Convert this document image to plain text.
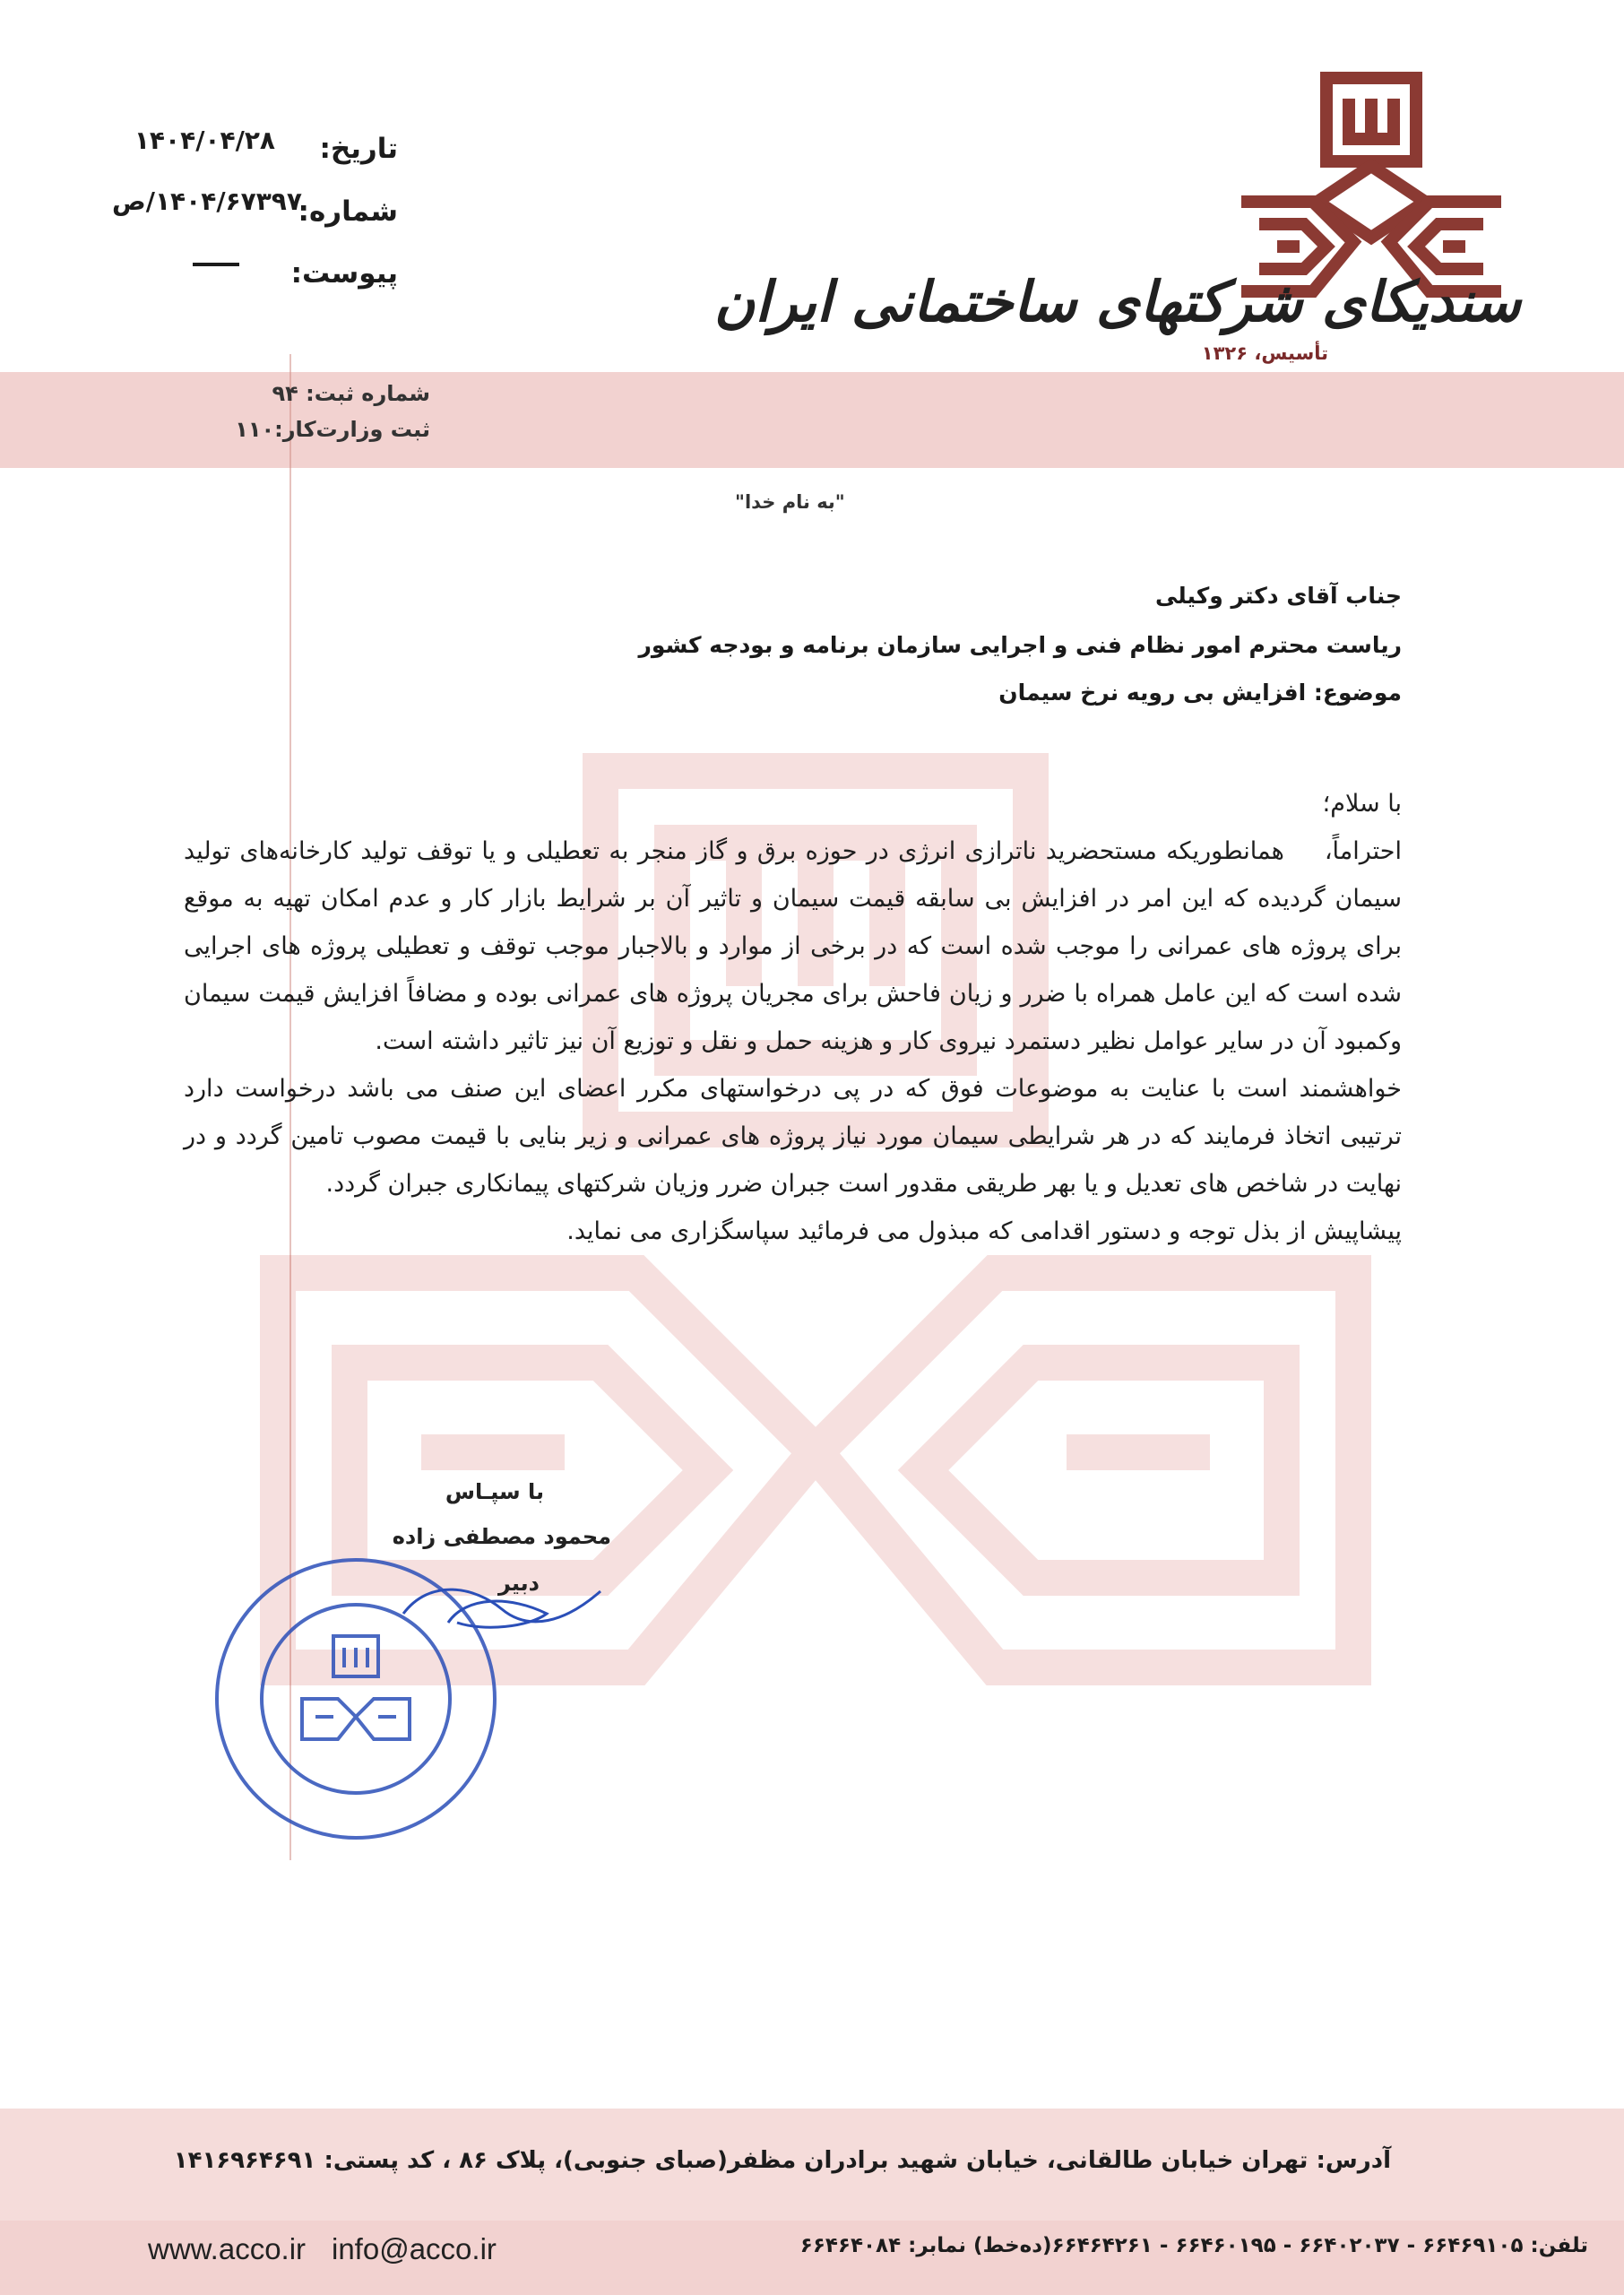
سندیکای شرکتهای ساختمانی ایران
تأسیس، ۱۳۲۶
تاریخ:
۱۴۰۴/۰۴/۲۸
شماره:
۱۴۰۴/۶۷۳۹۷/ص
پیوست:
شماره ثبت: ۹۴
ثبت وزارت‌کار:۱۱۰
"به نام خدا"
جناب آقای دکتر وکیلی
ریاست محترم امور نظام فنی و اجرایی سازمان برنامه و بودجه کشور
موضوع: افزایش بی رویه نرخ سیمان

با سلام؛

احتراماً،همانطوریکه مستحضرید ناترازی انرژی در حوزه برق و گاز منجر به تعطیلی و یا توقف تولید کارخانه‌های تولید سیمان گردیده که این امر در افزایش بی سابقه قیمت سیمان و تاثیر آن بر شرایط بازار کار و عدم امکان تهیه به موقع برای پروژه های عمرانی را موجب شده است که در برخی از موارد و بالاجبار موجب توقف و تعطیلی پروژه های اجرایی شده است که این عامل همراه با ضرر و زیان فاحش برای مجریان پروژه های عمرانی بوده و مضافاً افزایش قیمت سیمان وکمبود آن در سایر عوامل نظیر دستمرد نیروی کار و هزینه حمل و نقل و توزیع آن نیز تاثیر داشته است.

خواهشمند است با عنایت به موضوعات فوق که در پی درخواستهای مکرر اعضای این صنف می باشد درخواست دارد ترتیبی اتخاذ فرمایند که در هر شرایطی سیمان مورد نیاز پروژه های عمرانی و زیر بنایی با قیمت مصوب تامین گردد و در نهایت در شاخص های تعدیل و یا بهر طریقی مقدور است جبران ضرر وزیان شرکتهای پیمانکاری جبران گردد.

پیشاپیش از بذل توجه و دستور اقدامی که مبذول می فرمائید سپاسگزاری می نماید.

با سپـاس
محمود مصطفی زاده
دبیر
آدرس: تهران خیابان طالقانی، خیابان شهید برادران مظفر(صبای جنوبی)، پلاک ۸۶ ، کد پستی: ۱۴۱۶۹۶۴۶۹۱
www.acco.ir info@acco.ir	تلفن: ۶۶۴۶۹۱۰۵ - ۶۶۴۰۲۰۳۷ - ۶۶۴۶۰۱۹۵ - ۶۶۴۶۴۲۶۱(ده‌خط) نمابر: ۶۶۴۶۴۰۸۴
